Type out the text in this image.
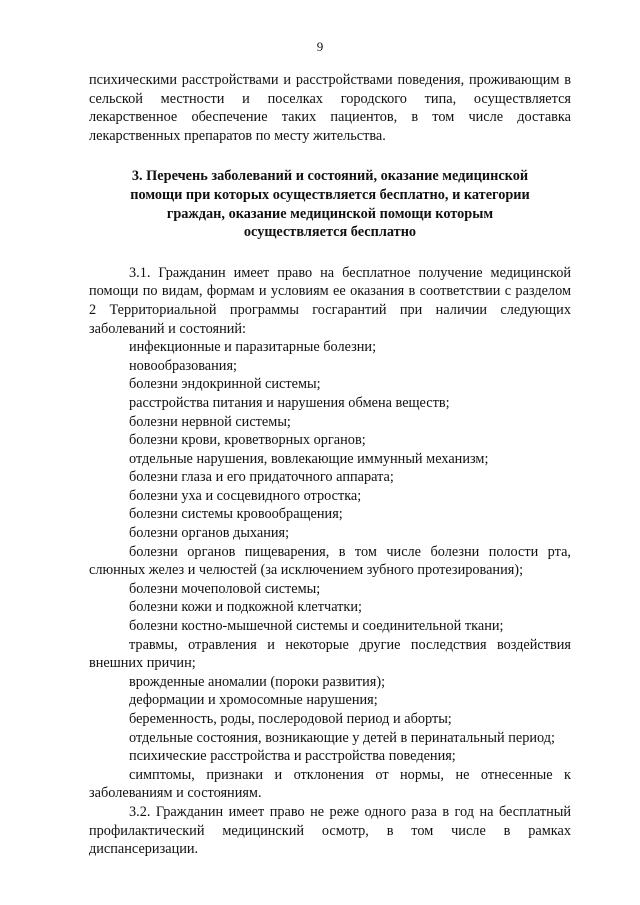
9

психическими расстройствами и расстройствами поведения, проживающим в сельской местности и поселках городского типа, осуществляется лекарственное обеспечение таких пациентов, в том числе доставка лекарственных препаратов по месту жительства.

3. Перечень заболеваний и состояний, оказание медицинской помощи при которых осуществляется бесплатно, и категории граждан, оказание медицинской помощи которым осуществляется бесплатно

3.1. Гражданин имеет право на бесплатное получение медицинской помощи по видам, формам и условиям ее оказания в соответствии с разделом 2 Территориальной программы госгарантий при наличии следующих заболеваний и состояний:

инфекционные и паразитарные болезни;
новообразования;
болезни эндокринной системы;
расстройства питания и нарушения обмена веществ;
болезни нервной системы;
болезни крови, кроветворных органов;
отдельные нарушения, вовлекающие иммунный механизм;
болезни глаза и его придаточного аппарата;
болезни уха и сосцевидного отростка;
болезни системы кровообращения;
болезни органов дыхания;
болезни органов пищеварения, в том числе болезни полости рта, слюнных желез и челюстей (за исключением зубного протезирования);
болезни мочеполовой системы;
болезни кожи и подкожной клетчатки;
болезни костно-мышечной системы и соединительной ткани;
травмы, отравления и некоторые другие последствия воздействия внешних причин;
врожденные аномалии (пороки развития);
деформации и хромосомные нарушения;
беременность, роды, послеродовой период и аборты;
отдельные состояния, возникающие у детей в перинатальный период;
психические расстройства и расстройства поведения;
симптомы, признаки и отклонения от нормы, не отнесенные к заболеваниям и состояниям.

3.2. Гражданин имеет право не реже одного раза в год на бесплатный профилактический медицинский осмотр, в том числе в рамках диспансеризации.
